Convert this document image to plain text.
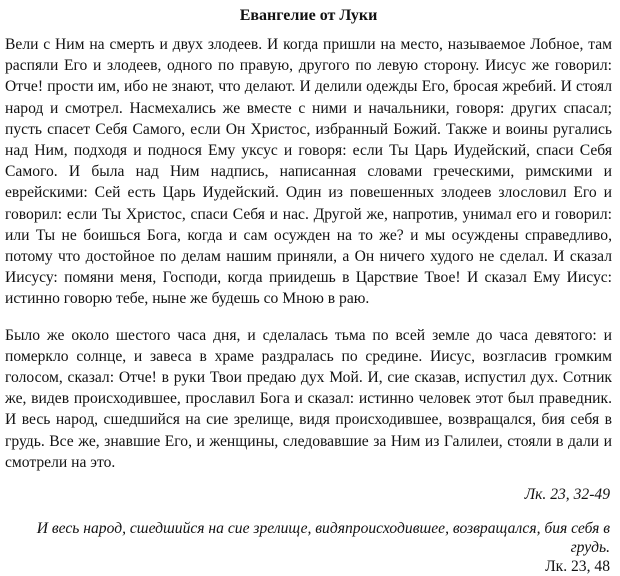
Евангелие от Луки

Вели с Ним на смерть и двух злодеев. И когда пришли на место, называемое Лобное, там распяли Его и злодеев, одного по правую, другого по левую сторону. Иисус же говорил: Отче! прости им, ибо не знают, что делают. И делили одежды Его, бросая жребий. И стоял народ и смотрел. Насмехались же вместе с ними и начальники, говоря: других спасал; пусть спасет Себя Самого, если Он Христос, избранный Божий. Также и воины ругались над Ним, подходя и поднося Ему уксус и говоря: если Ты Царь Иудейский, спаси Себя Самого. И была над Ним надпись, написанная словами греческими, римскими и еврейскими: Сей есть Царь Иудейский. Один из повешенных злодеев злословил Его и говорил: если Ты Христос, спаси Себя и нас. Другой же, напротив, унимал его и говорил: или Ты не боишься Бога, когда и сам осужден на то же? и мы осуждены справедливо, потому что достойное по делам нашим приняли, а Он ничего худого не сделал. И сказал Иисусу: помяни меня, Господи, когда приидешь в Царствие Твое! И сказал Ему Иисус: истинно говорю тебе, ныне же будешь со Мною в раю.

Было же около шестого часа дня, и сделалась тьма по всей земле до часа девятого: и померкло солнце, и завеса в храме раздралась по средине. Иисус, возгласив громким голосом, сказал: Отче! в руки Твои предаю дух Мой. И, сие сказав, испустил дух. Сотник же, видев происходившее, прославил Бога и сказал: истинно человек этот был праведник. И весь народ, сшедшийся на сие зрелище, видя происходившее, возвращался, бия себя в грудь. Все же, знавшие Его, и женщины, следовавшие за Ним из Галилеи, стояли в дали и смотрели на это.

Лк. 23, 32-49
И весь народ, сшедшийся на сие зрелище, видяпроисходившее, возвращался, бия себя в грудь.
Лк. 23, 48
